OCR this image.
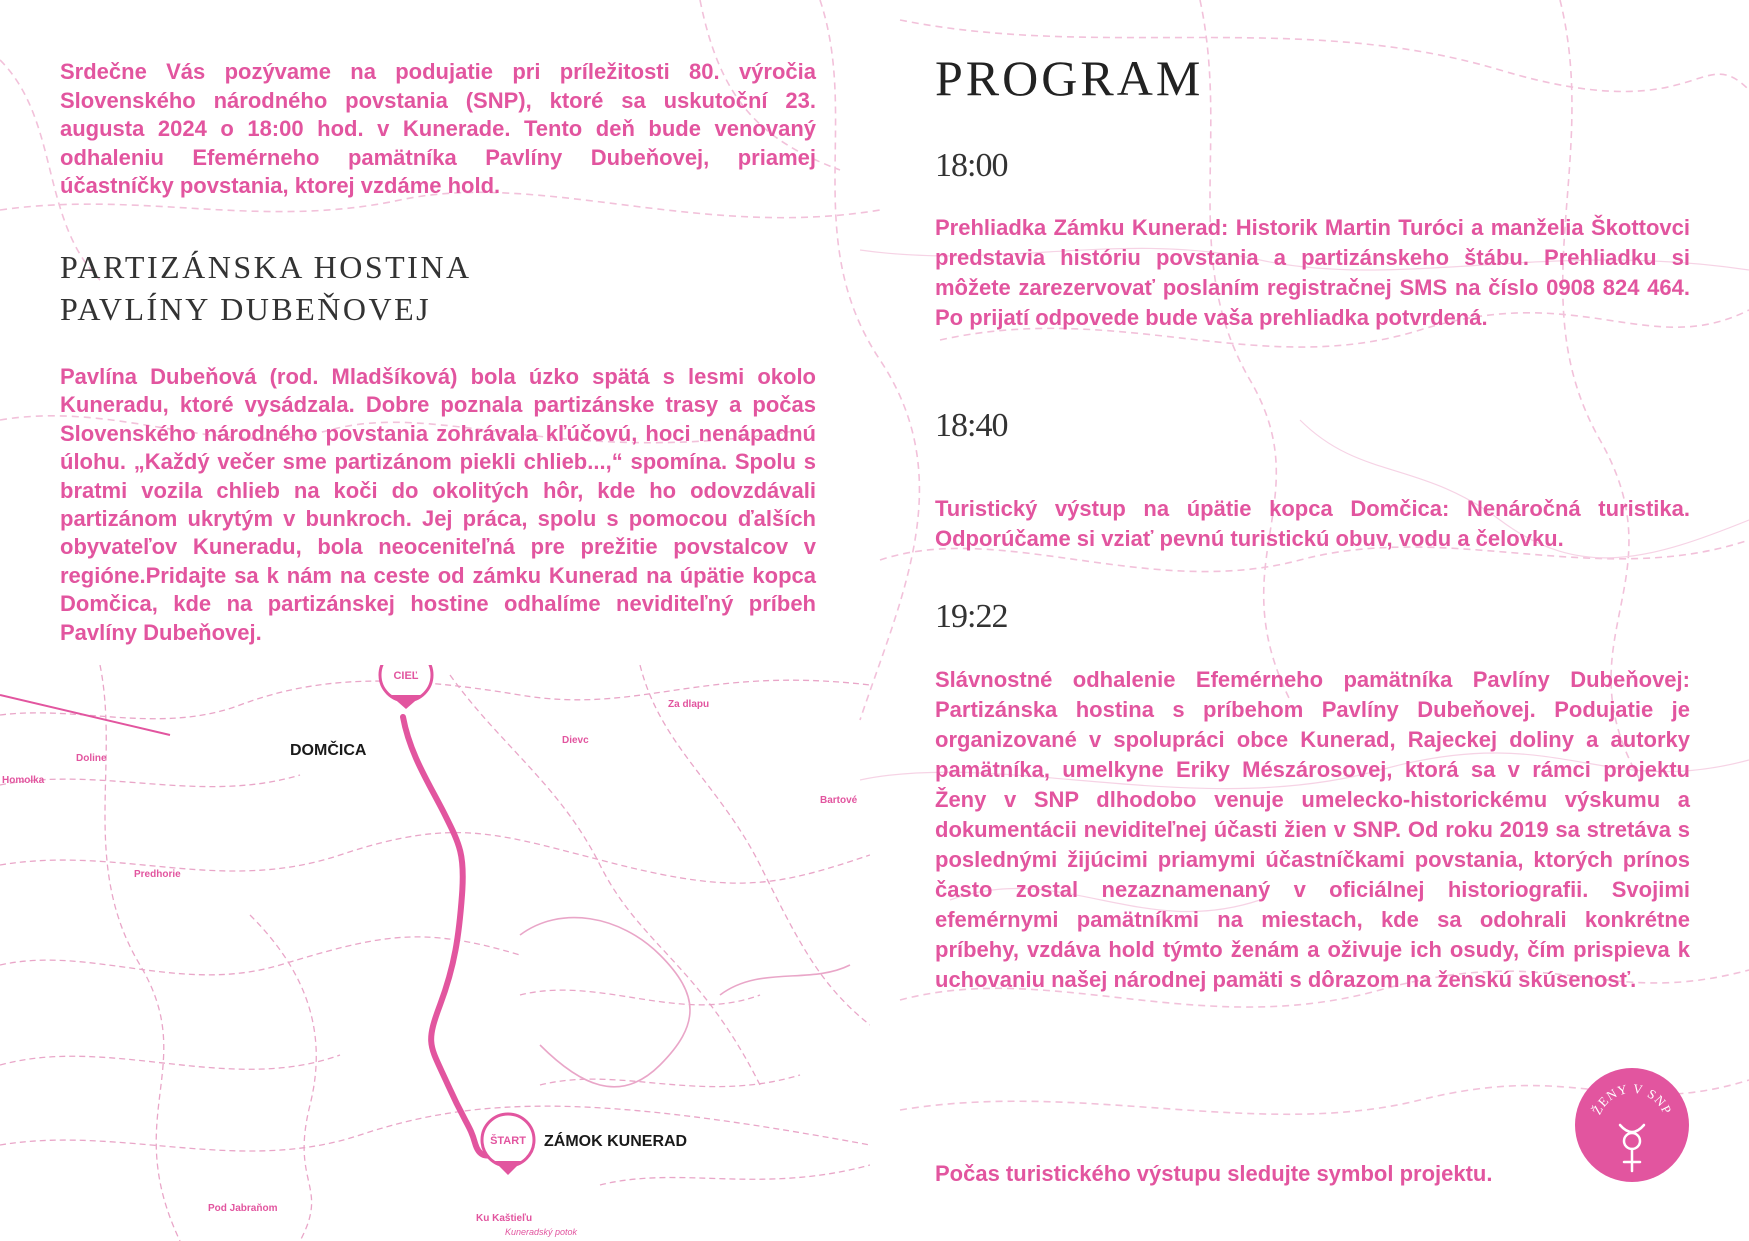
CIEĽ
ŠTART
DOMČICA
ZÁMOK KUNERAD
Homolka
Doline
Predhorie
Dievc
Za dlapu
Bartové
Pod Jabraňom
Ku Kaštieľu
Kuneradský potok
Srdečne Vás pozývame na podujatie pri príležitosti 80. výročia Slovenského národného povstania (SNP), ktoré sa uskutoční 23. augusta 2024 o 18:00 hod. v Kunerade. Tento deň bude venovaný odhaleniu Efemérneho pamätníka Pavlíny Dubeňovej, priamej účastníčky povstania, ktorej vzdáme hold.
PARTIZÁNSKA HOSTINA
PAVLÍNY DUBEŇOVEJ
Pavlína Dubeňová (rod. Mladšíková) bola úzko spätá s lesmi okolo Kuneradu, ktoré vysádzala. Dobre poznala partizánske trasy a počas Slovenského národného povstania zohrávala kľúčovú, hoci nenápadnú úlohu. „Každý večer sme partizánom piekli chlieb...,“ spomína. Spolu s bratmi vozila chlieb na koči do okolitých hôr, kde ho odovzdávali partizánom ukrytým v bunkroch. Jej práca, spolu s pomocou ďalších obyvateľov Kuneradu, bola neoceniteľná pre prežitie povstalcov v regióne.Pridajte sa k nám na ceste od zámku Kunerad na úpätie kopca Domčica, kde na partizánskej hostine odhalíme neviditeľný príbeh Pavlíny Dubeňovej.
PROGRAM
18:00
Prehliadka Zámku Kunerad: Historik Martin Turóci a manželia Škottovci predstavia históriu povstania a partizánskeho štábu. Prehliadku si môžete zarezervovať poslaním registračnej SMS na číslo 0908 824 464. Po prijatí odpovede bude vaša prehliadka potvrdená.
18:40
Turistický výstup na úpätie kopca Domčica: Nenáročná turistika. Odporúčame si vziať pevnú turistickú obuv, vodu a čelovku.
19:22
Slávnostné odhalenie Efemérneho pamätníka Pavlíny Dubeňovej: Partizánska hostina s príbehom Pavlíny Dubeňovej. Podujatie je organizované v spolupráci obce Kunerad, Rajeckej doliny a autorky pamätníka, umelkyne Eriky Mészárosovej, ktorá sa v rámci projektu Ženy v SNP dlhodobo venuje umelecko-historickému výskumu a dokumentácii neviditeľnej účasti žien v SNP. Od roku 2019 sa stretáva s poslednými žijúcimi priamymi účastníčkami povstania, ktorých prínos často zostal nezaznamenaný v oficiálnej historiografii. Svojimi efemérnymi pamätníkmi na miestach, kde sa odohrali konkrétne príbehy, vzdáva hold týmto ženám a oživuje ich osudy, čím prispieva k uchovaniu našej národnej pamäti s dôrazom na ženskú skúsenosť.
Počas turistického výstupu sledujte symbol projektu.
ŽENY V SNP
